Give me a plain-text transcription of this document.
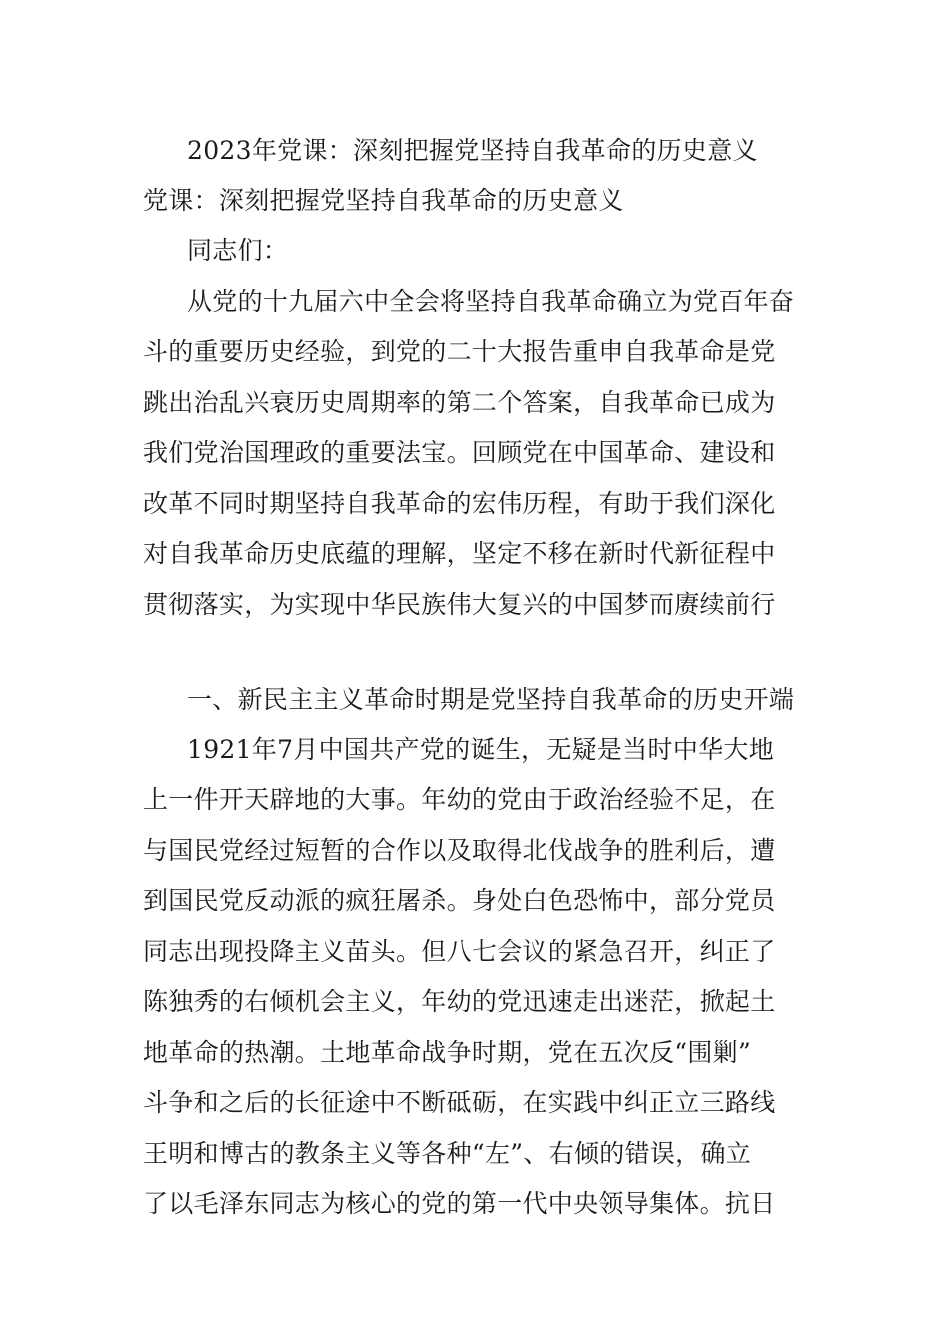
2023年党课：深刻把握党坚持自我革命的历史意义
党课：深刻把握党坚持自我革命的历史意义
同志们：
从党的十九届六中全会将坚持自我革命确立为党百年奋
斗的重要历史经验，到党的二十大报告重申自我革命是党
跳出治乱兴衰历史周期率的第二个答案，自我革命已成为
我们党治国理政的重要法宝。回顾党在中国革命、建设和
改革不同时期坚持自我革命的宏伟历程，有助于我们深化
对自我革命历史底蕴的理解，坚定不移在新时代新征程中
贯彻落实，为实现中华民族伟大复兴的中国梦而赓续前行
一、新民主主义革命时期是党坚持自我革命的历史开端
1921年7月中国共产党的诞生，无疑是当时中华大地
上一件开天辟地的大事。年幼的党由于政治经验不足，在
与国民党经过短暂的合作以及取得北伐战争的胜利后，遭
到国民党反动派的疯狂屠杀。身处白色恐怖中，部分党员
同志出现投降主义苗头。但八七会议的紧急召开，纠正了
陈独秀的右倾机会主义，年幼的党迅速走出迷茫，掀起土
地革命的热潮。土地革命战争时期，党在五次反“围剿”
斗争和之后的长征途中不断砥砺，在实践中纠正立三路线
王明和博古的教条主义等各种“左”、右倾的错误，确立
了以毛泽东同志为核心的党的第一代中央领导集体。抗日
